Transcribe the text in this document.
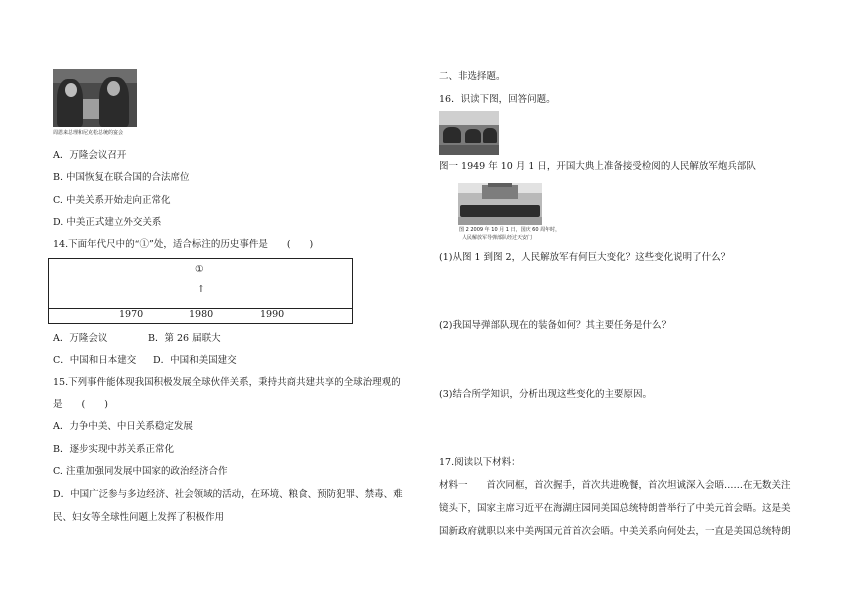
周恩来总理和尼克松总统的宴会
A．万隆会议召开
B. 中国恢复在联合国的合法席位
C. 中美关系开始走向正常化
D. 中美正式建立外交关系
14.下面年代尺中的“①”处，适合标注的历史事件是　　(　　)
①
↑
1970	1980	1990
A．万隆会议	B．第 26 届联大
C．中国和日本建交 D．中国和美国建交
15.下列事件能体现我国积极发展全球伙伴关系，秉持共商共建共享的全球治理观的
是　　(　　)
A．力争中美、中日关系稳定发展
B．逐步实现中苏关系正常化
C. 注重加强同发展中国家的政治经济合作
D．中国广泛参与多边经济、社会领域的活动，在环境、粮食、预防犯罪、禁毒、难
民、妇女等全球性问题上发挥了积极作用
二、非选择题。
16．识读下图，回答问题。
图一 1949 年 10 月 1 日，开国大典上准备接受检阅的人民解放军炮兵部队
图 2 2009 年 10 月 1 日，国庆 60 周年时，
人民解放军导弹部队经过天安门
(1)从图 1 到图 2，人民解放军有何巨大变化？这些变化说明了什么？
(2)我国导弹部队现在的装备如何？其主要任务是什么？
(3)结合所学知识，分析出现这些变化的主要原因。
17.阅读以下材料：
材料一　　首次同框，首次握手，首次共进晚餐，首次坦诚深入会晤……在无数关注
镜头下，国家主席习近平在海湖庄园同美国总统特朗普举行了中美元首会晤。这是美
国新政府就职以来中美两国元首首次会晤。中美关系向何处去，一直是美国总统特朗
